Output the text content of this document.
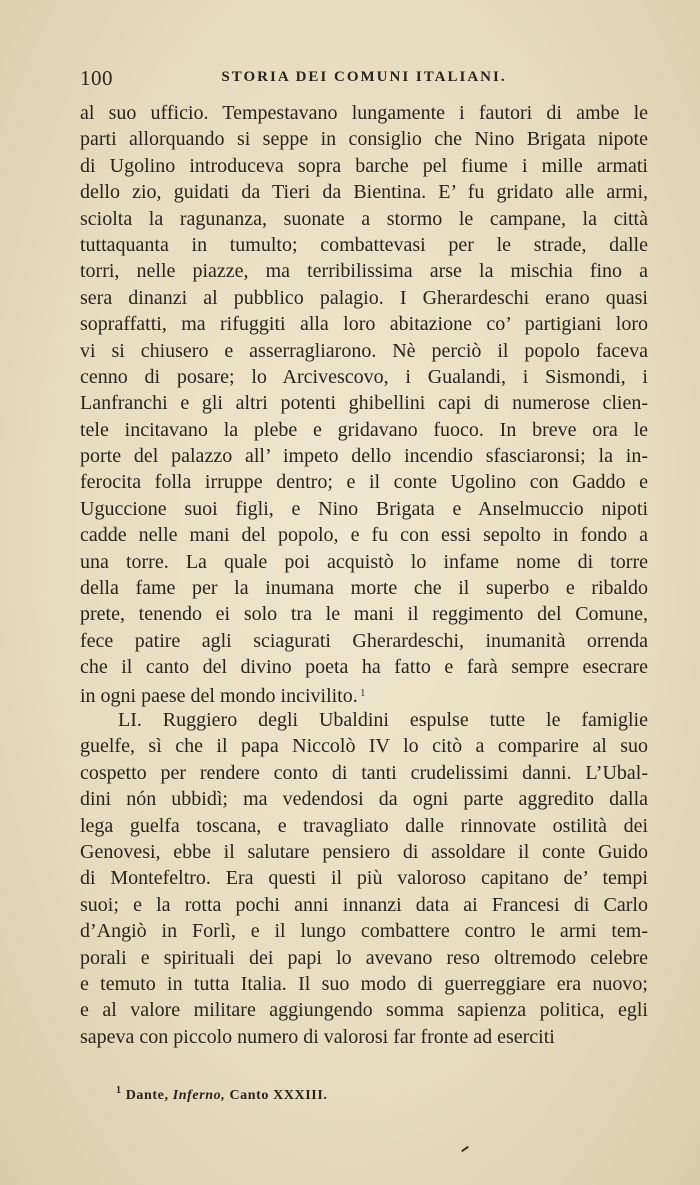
100	STORIA DEI COMUNI ITALIANI.
al suo ufficio. Tempestavano lungamente i fautori di ambe le
parti allorquando si seppe in consiglio che Nino Brigata nipote
di Ugolino introduceva sopra barche pel fiume i mille armati
dello zio, guidati da Tieri da Bientina. E’ fu gridato alle armi,
sciolta la ragunanza, suonate a stormo le campane, la città
tuttaquanta in tumulto; combattevasi per le strade, dalle
torri, nelle piazze, ma terribilissima arse la mischia fino a
sera dinanzi al pubblico palagio. I Gherardeschi erano quasi
sopraffatti, ma rifuggiti alla loro abitazione co’ partigiani loro
vi si chiusero e asserragliarono. Nè perciò il popolo faceva
cenno di posare; lo Arcivescovo, i Gualandi, i Sismondi, i
Lanfranchi e gli altri potenti ghibellini capi di numerose clien-
tele incitavano la plebe e gridavano fuoco. In breve ora le
porte del palazzo all’ impeto dello incendio sfasciaronsi; la in-
ferocita folla irruppe dentro; e il conte Ugolino con Gaddo e
Uguccione suoi figli, e Nino Brigata e Anselmuccio nipoti
cadde nelle mani del popolo, e fu con essi sepolto in fondo a
una torre. La quale poi acquistò lo infame nome di torre
della fame per la inumana morte che il superbo e ribaldo
prete, tenendo ei solo tra le mani il reggimento del Comune,
fece patire agli sciagurati Gherardeschi, inumanità orrenda
che il canto del divino poeta ha fatto e farà sempre esecrare
in ogni paese del mondo incivilito. $^1$
LI. Ruggiero degli Ubaldini espulse tutte le famiglie
guelfe, sì che il papa Niccolò IV lo citò a comparire al suo
cospetto per rendere conto di tanti crudelissimi danni. L’Ubal-
dini nón ubbidì; ma vedendosi da ogni parte aggredito dalla
lega guelfa toscana, e travagliato dalle rinnovate ostilità dei
Genovesi, ebbe il salutare pensiero di assoldare il conte Guido
di Montefeltro. Era questi il più valoroso capitano de’ tempi
suoi; e la rotta pochi anni innanzi data ai Francesi di Carlo
d’Angiò in Forlì, e il lungo combattere contro le armi tem-
porali e spirituali dei papi lo avevano reso oltremodo celebre
e temuto in tutta Italia. Il suo modo di guerreggiare era nuovo;
e al valore militare aggiungendo somma sapienza politica, egli
sapeva con piccolo numero di valorosi far fronte ad eserciti
$^1$ Dante, Inferno, Canto XXXIII.
